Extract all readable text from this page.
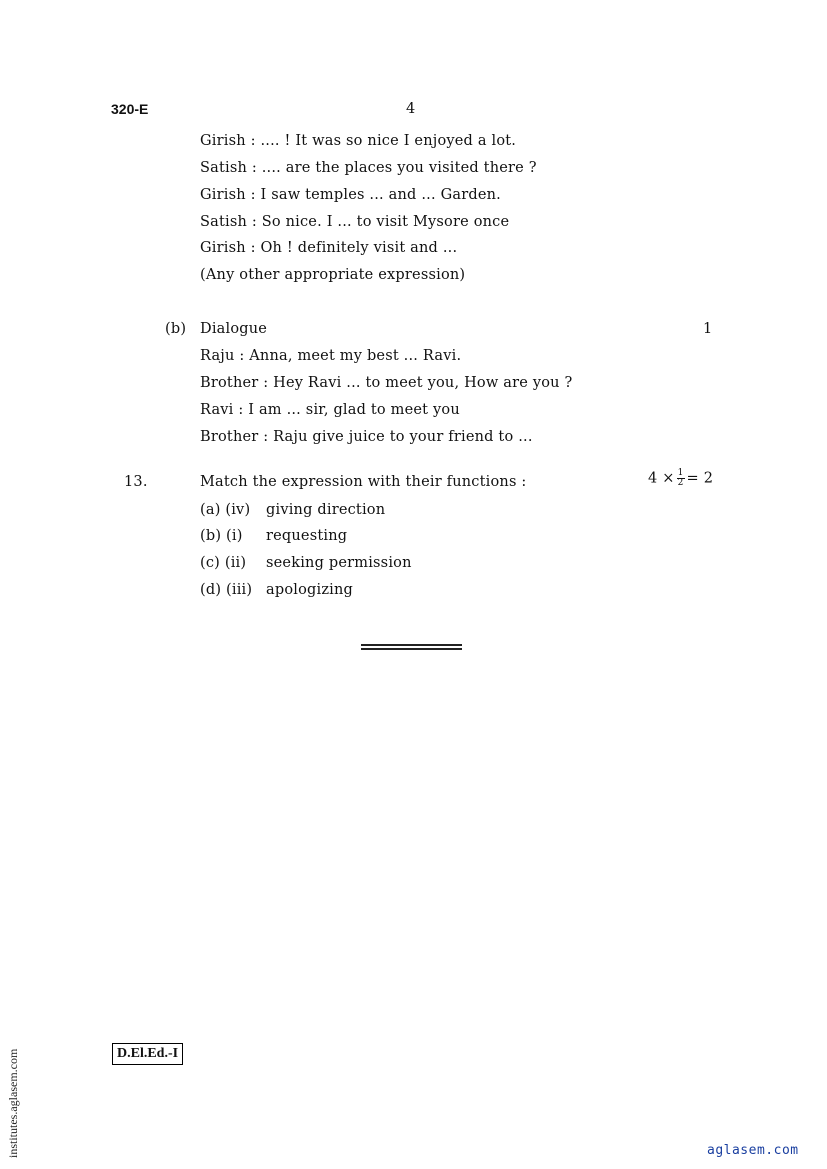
320-E	4
Girish : .... ! It was so nice I enjoyed a lot.
Satish : .... are the places you visited there ?
Girish : I saw temples ... and ... Garden.
Satish : So nice. I ... to visit Mysore once
Girish : Oh ! definitely visit and ...
(Any other appropriate expression)
(b) Dialogue	1
Raju : Anna, meet my best ... Ravi.
Brother : Hey Ravi ... to meet you, How are you ?
Ravi : I am ... sir, glad to meet you
Brother : Raju give juice to your friend to ...
13.	Match the expression with their functions :	$4 \times \frac{1}{2} = 2$
(a) (iv) giving direction
(b) (i) requesting
(c) (ii) seeking permission
(d) (iii) apologizing
D.El.Ed.-I
institutes.aglasem.com	aglasem.com
